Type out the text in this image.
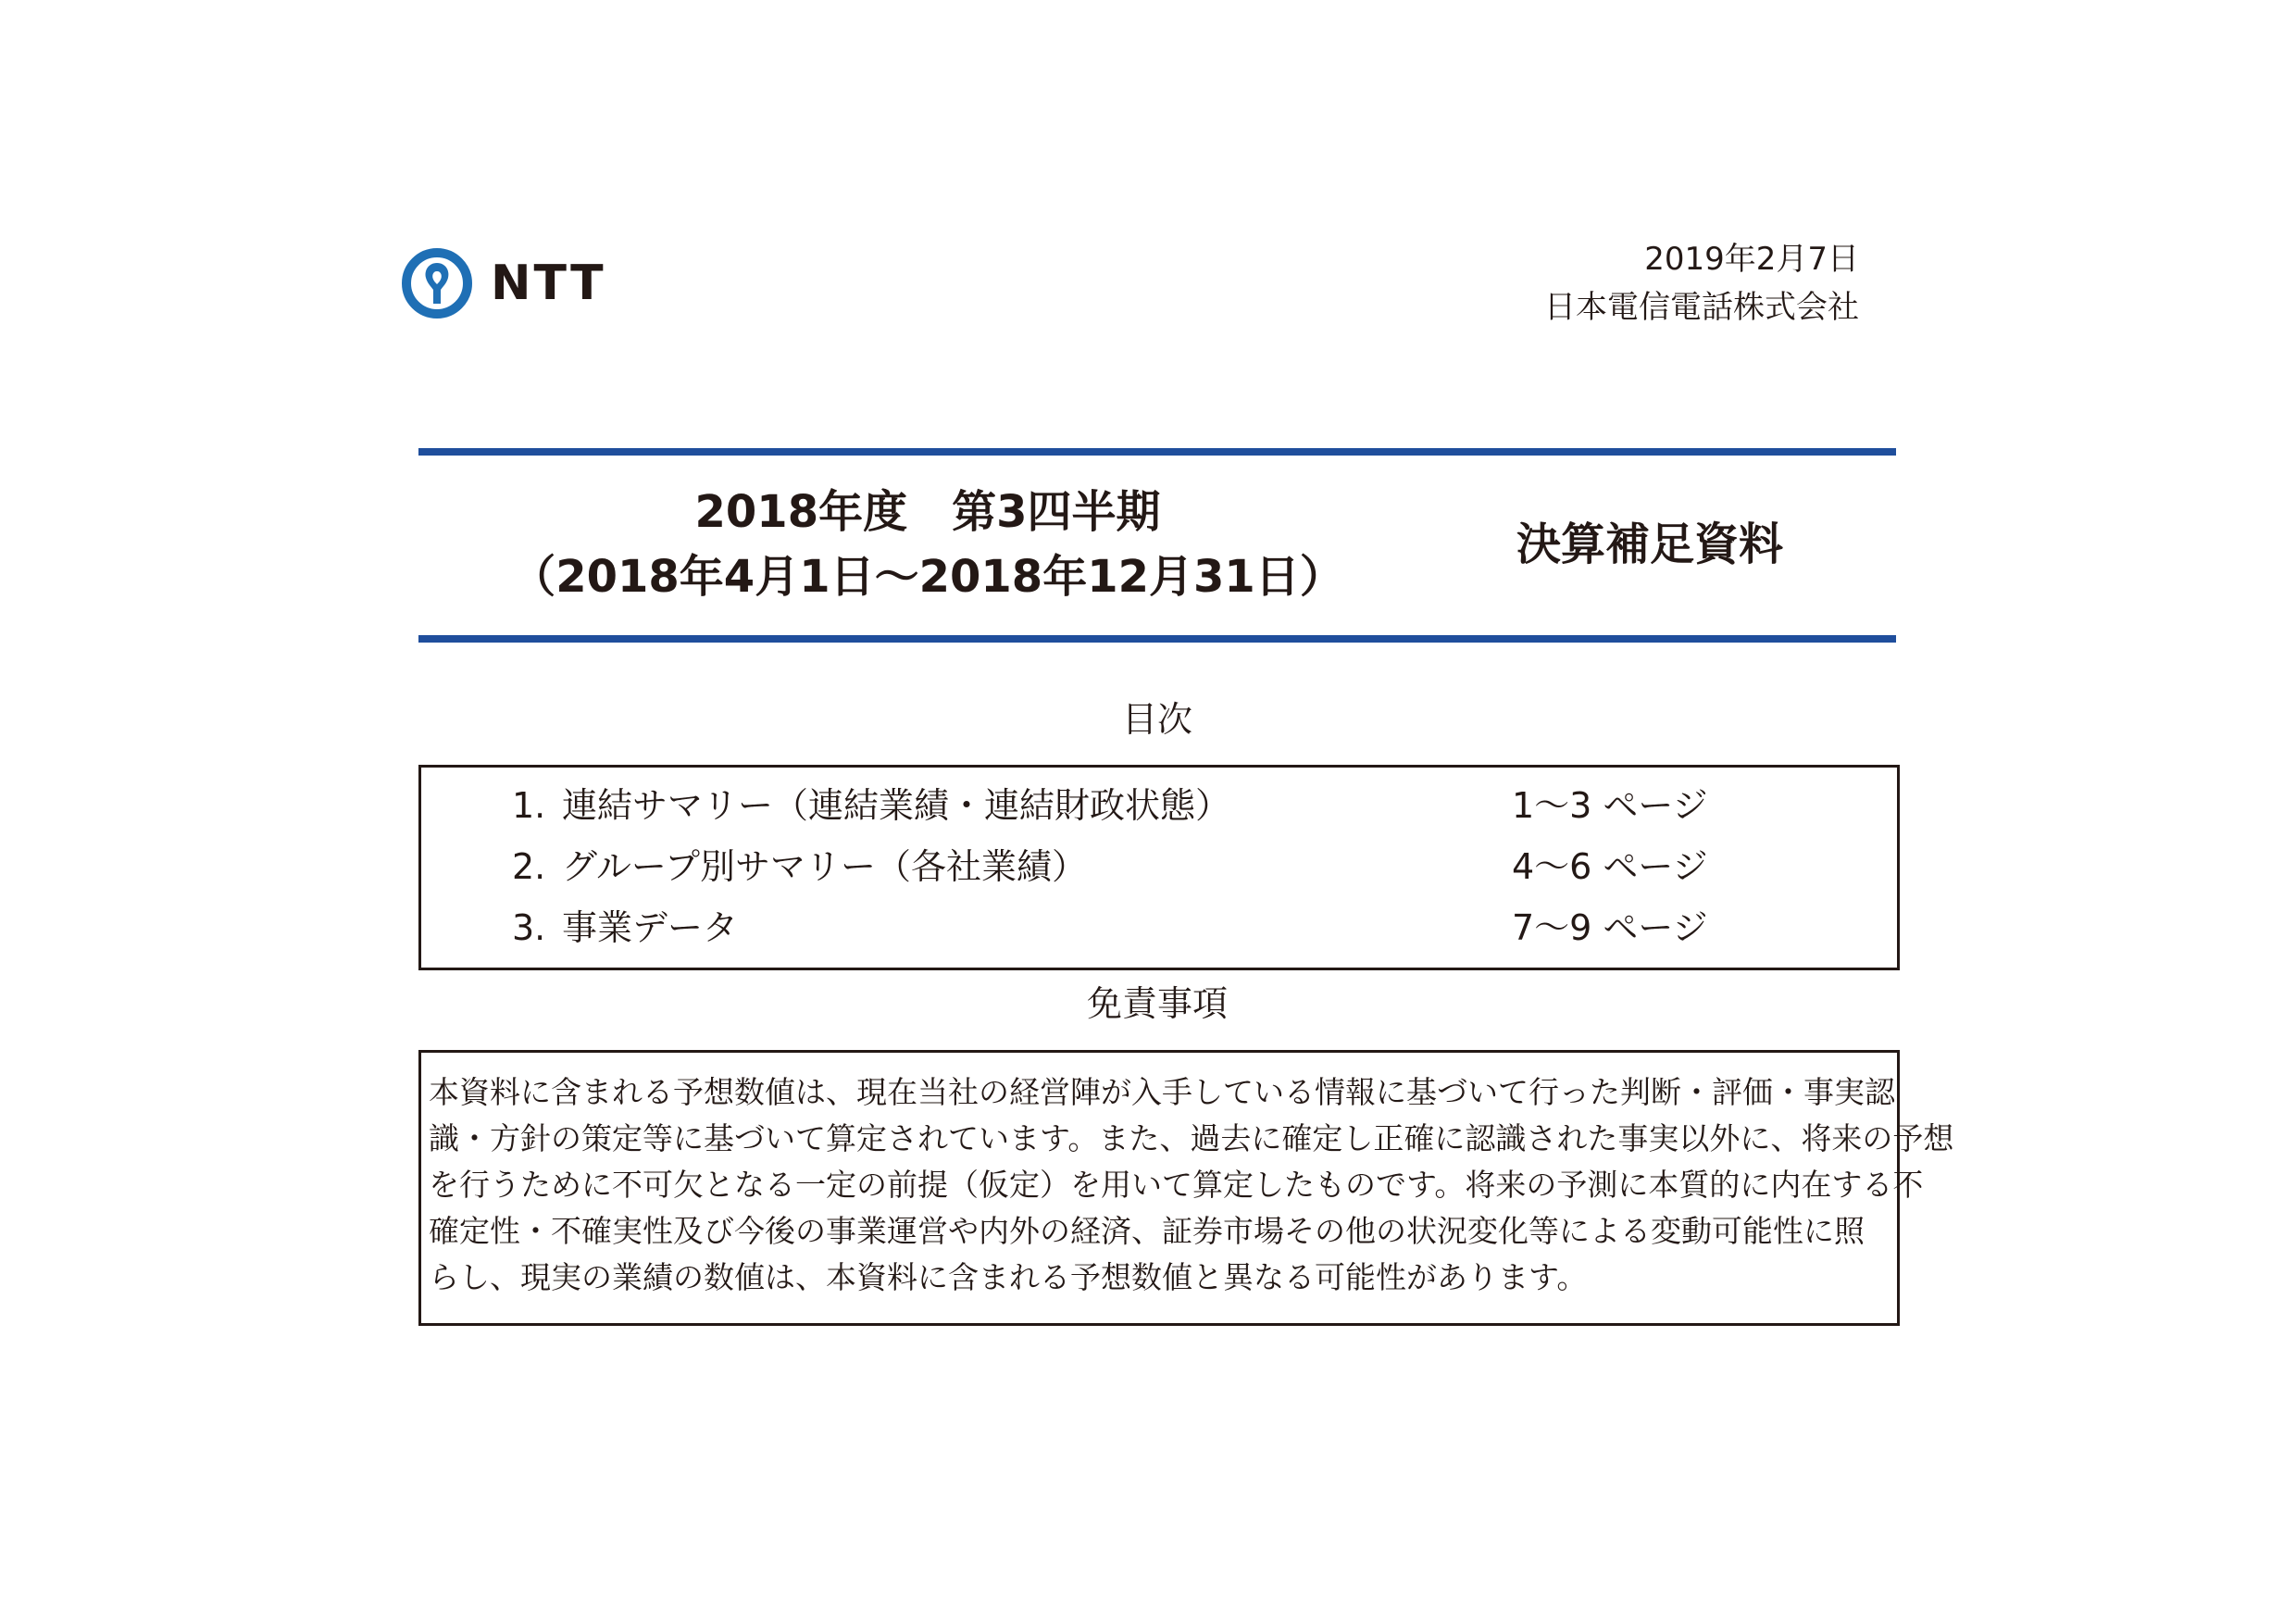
NTT	2019年2月7日
日本電信電話株式会社
2018年度　第3四半期
（2018年4月1日～2018年12月31日）
決算補足資料
目次
1. 連結サマリー（連結業績・連結財政状態）	1～3 ページ
2. グループ別サマリー（各社業績）	4～6 ページ
3. 事業データ	7～9 ページ
免責事項
本資料に含まれる予想数値は、現在当社の経営陣が入手している情報に基づいて行った判断・評価・事実認
識・方針の策定等に基づいて算定されています。また、過去に確定し正確に認識された事実以外に、将来の予想
を行うために不可欠となる一定の前提（仮定）を用いて算定したものです。将来の予測に本質的に内在する不
確定性・不確実性及び今後の事業運営や内外の経済、証券市場その他の状況変化等による変動可能性に照
らし、現実の業績の数値は、本資料に含まれる予想数値と異なる可能性があります。
